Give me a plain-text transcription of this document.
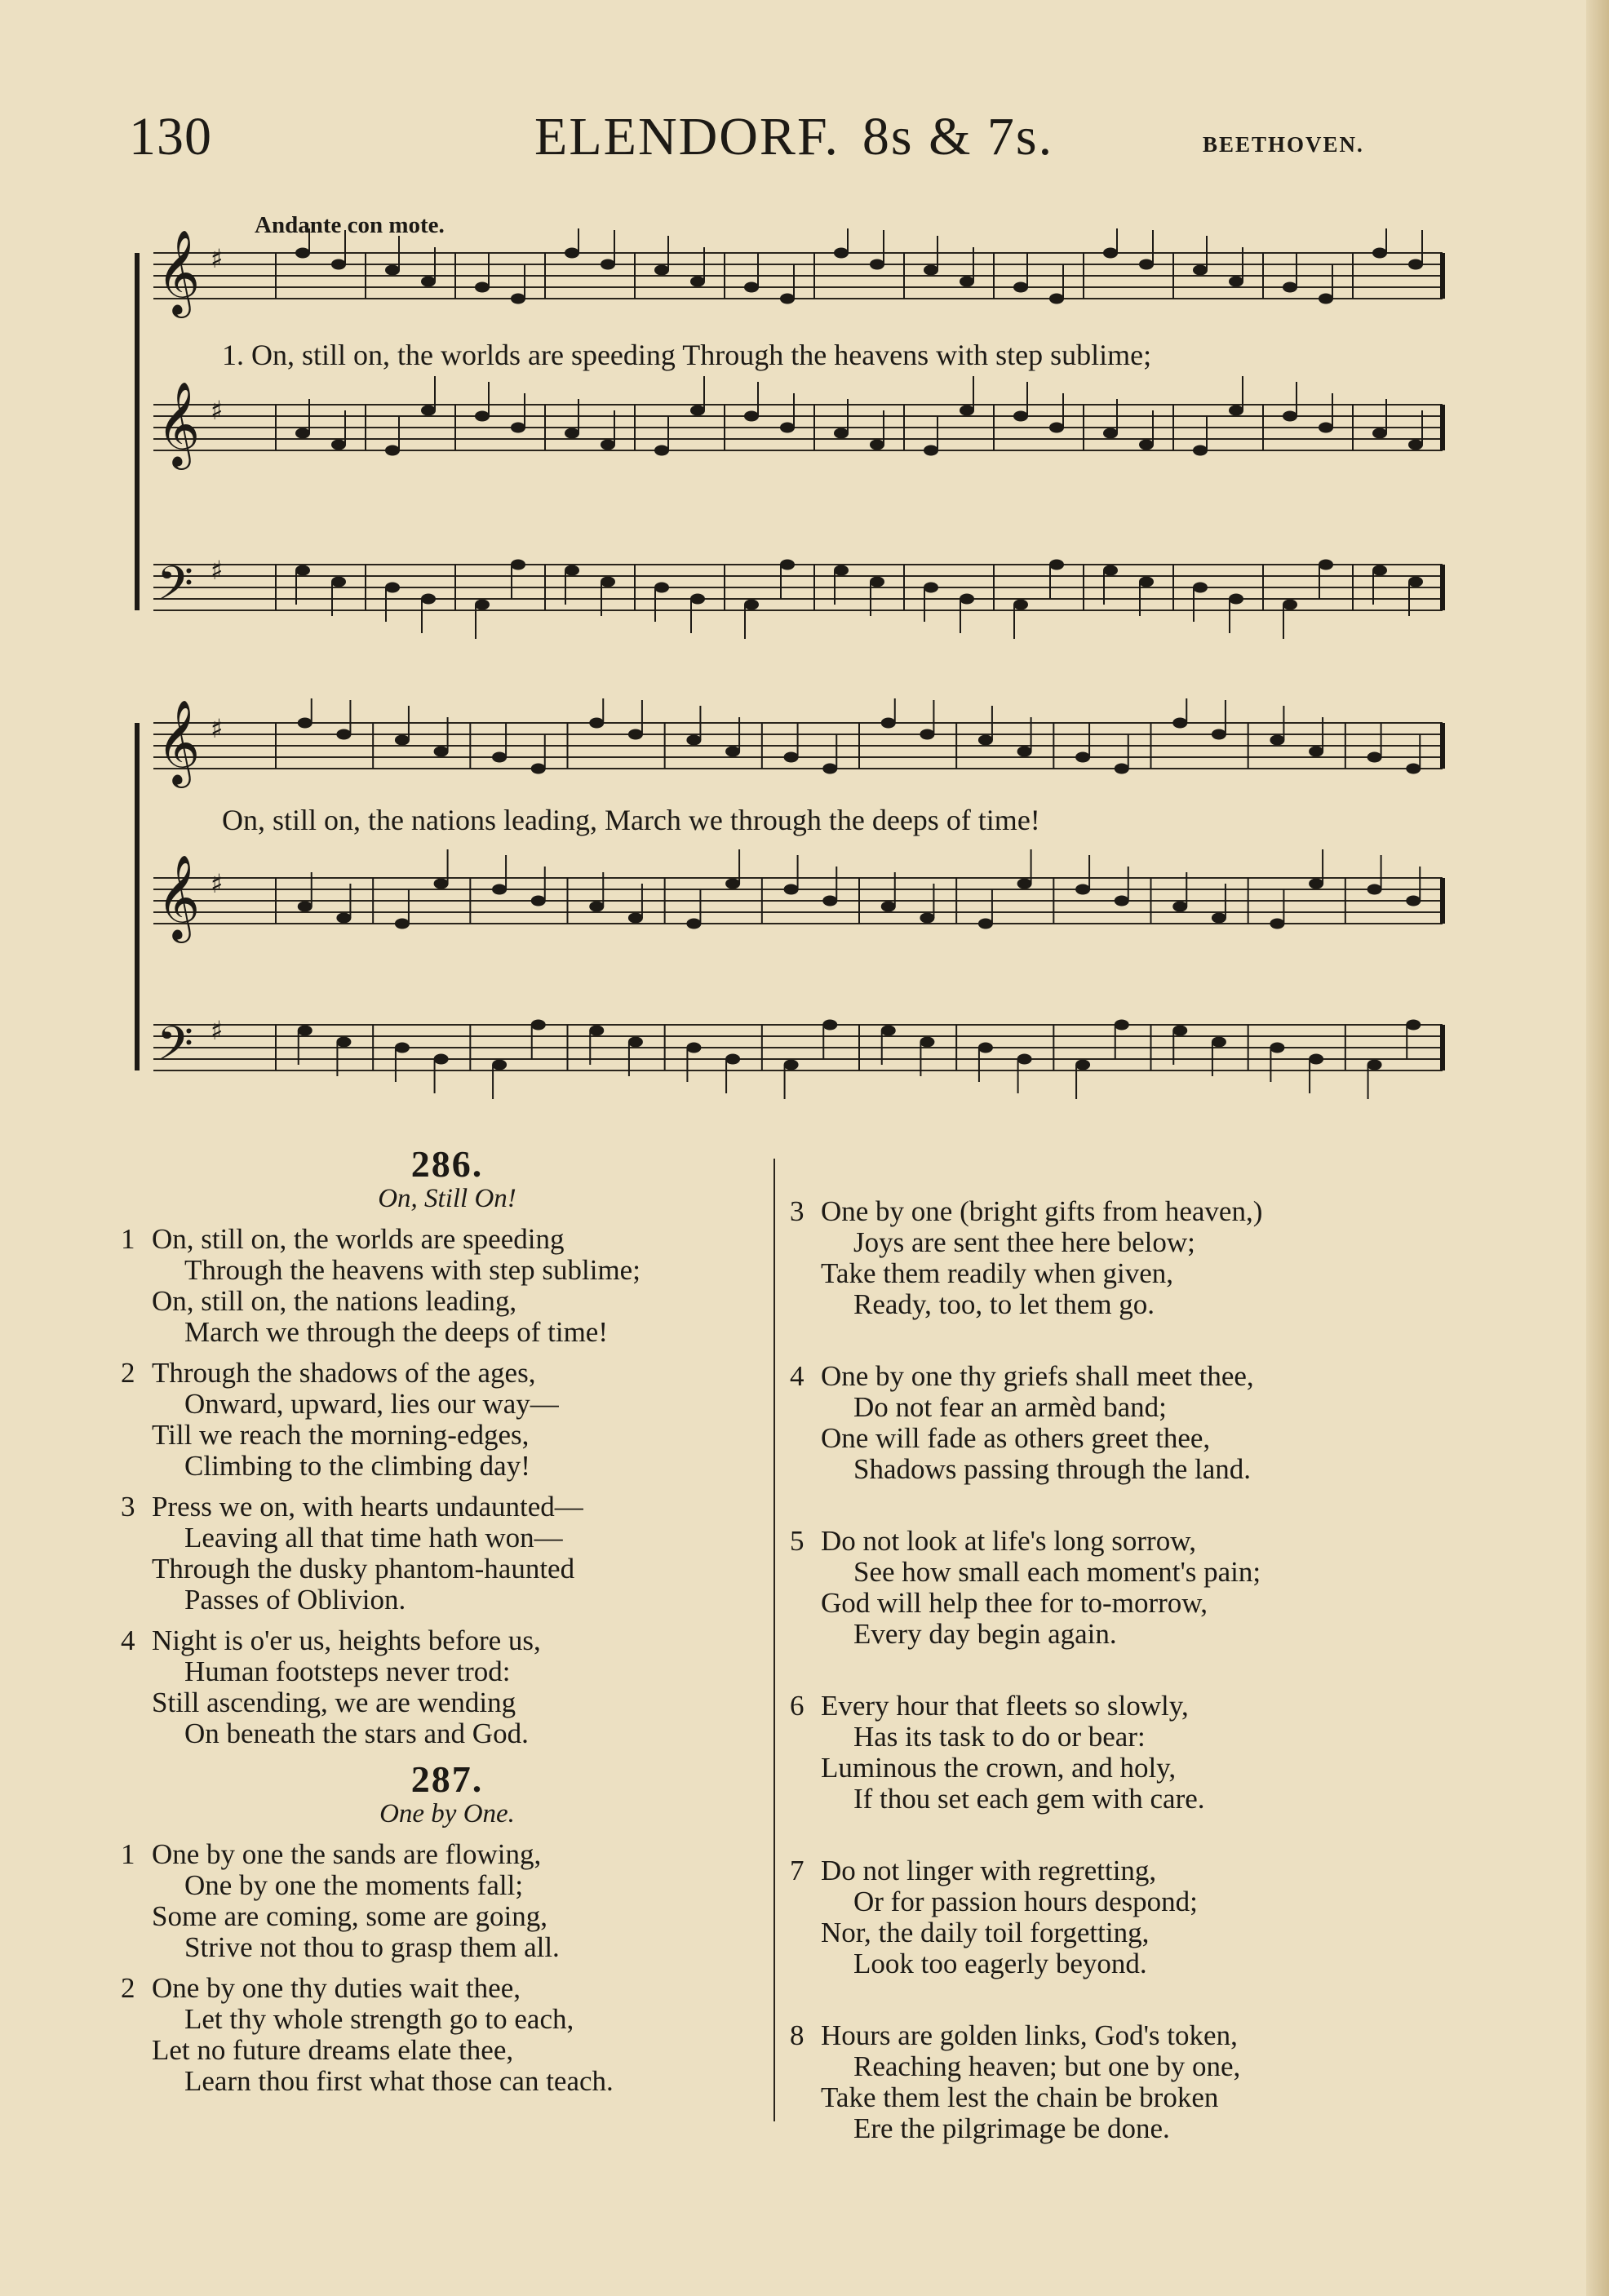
130	ELENDORF. 8s & 7s.	BEETHOVEN.
Andante con mote.
𝄞 ♯
𝄞 ♯
𝄢 ♯
1. On, still on, the worlds are speeding Through the heavens with step sublime;
𝄞 ♯
𝄞 ♯
𝄢 ♯
On, still on, the nations leading, March we through the deeps of time!
286.
On, Still On!
1 On, still on, the worlds are speeding
Through the heavens with step sublime;
On, still on, the nations leading,
March we through the deeps of time!
2 Through the shadows of the ages,
Onward, upward, lies our way—
Till we reach the morning-edges,
Climbing to the climbing day!
3 Press we on, with hearts undaunted—
Leaving all that time hath won—
Through the dusky phantom-haunted
Passes of Oblivion.
4 Night is o'er us, heights before us,
Human footsteps never trod:
Still ascending, we are wending
On beneath the stars and God.
287.
One by One.
1 One by one the sands are flowing,
One by one the moments fall;
Some are coming, some are going,
Strive not thou to grasp them all.
2 One by one thy duties wait thee,
Let thy whole strength go to each,
Let no future dreams elate thee,
Learn thou first what those can teach.
3 One by one (bright gifts from heaven,)
Joys are sent thee here below;
Take them readily when given,
Ready, too, to let them go.
4 One by one thy griefs shall meet thee,
Do not fear an armèd band;
One will fade as others greet thee,
Shadows passing through the land.
5 Do not look at life's long sorrow,
See how small each moment's pain;
God will help thee for to-morrow,
Every day begin again.
6 Every hour that fleets so slowly,
Has its task to do or bear:
Luminous the crown, and holy,
If thou set each gem with care.
7 Do not linger with regretting,
Or for passion hours despond;
Nor, the daily toil forgetting,
Look too eagerly beyond.
8 Hours are golden links, God's token,
Reaching heaven; but one by one,
Take them lest the chain be broken
Ere the pilgrimage be done.
